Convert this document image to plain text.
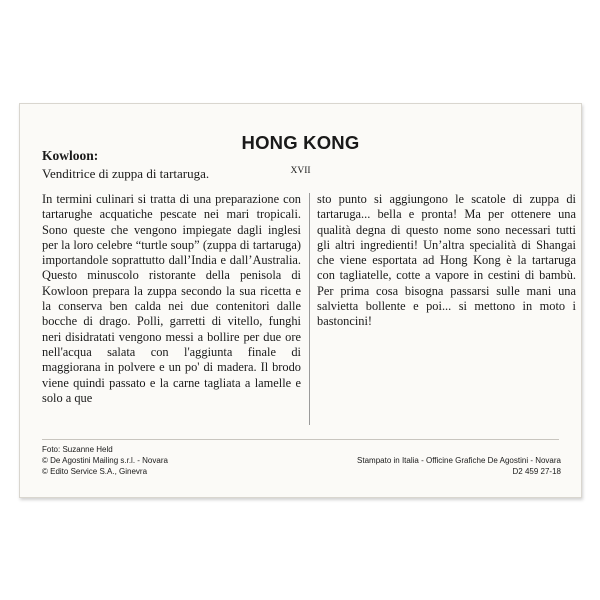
Kowloon:

Venditrice di zuppa di tartaruga.

HONG KONG

XVII

In termini culinari si tratta di una preparazione con tartarughe acquatiche pescate nei mari tropicali. Sono queste che vengono impiegate dagli inglesi per la loro celebre “turtle soup” (zuppa di tartaruga) importandole soprattutto dall’India e dall’Australia. Questo minuscolo ristorante della penisola di Kowloon prepara la zuppa secondo la sua ricetta e la conserva ben calda nei due contenitori dalle bocche di drago. Polli, garretti di vitello, funghi neri disidratati vengono messi a bollire per due ore nell'acqua salata con l'aggiunta finale di maggiorana in polvere e un po' di madera. Il brodo viene quindi passato e la carne tagliata a lamelle e solo a que

sto punto si aggiungono le scatole di zuppa di tartaruga... bella e pronta! Ma per ottenere una qualità degna di questo nome sono necessari tutti gli altri ingredienti! Un’altra specialità di Shangai che viene esportata ad Hong Kong è la tartaruga con tagliatelle, cotte a vapore in cestini di bambù. Per prima cosa bisogna passarsi sulle mani una salvietta bollente e poi... si mettono in moto i bastoncini!

Foto: Suzanne Held
© De Agostini Mailing s.r.l. - Novara
© Edito Service S.A., Ginevra
Stampato in Italia - Officine Grafiche De Agostini - Novara
D2 459 27-18
